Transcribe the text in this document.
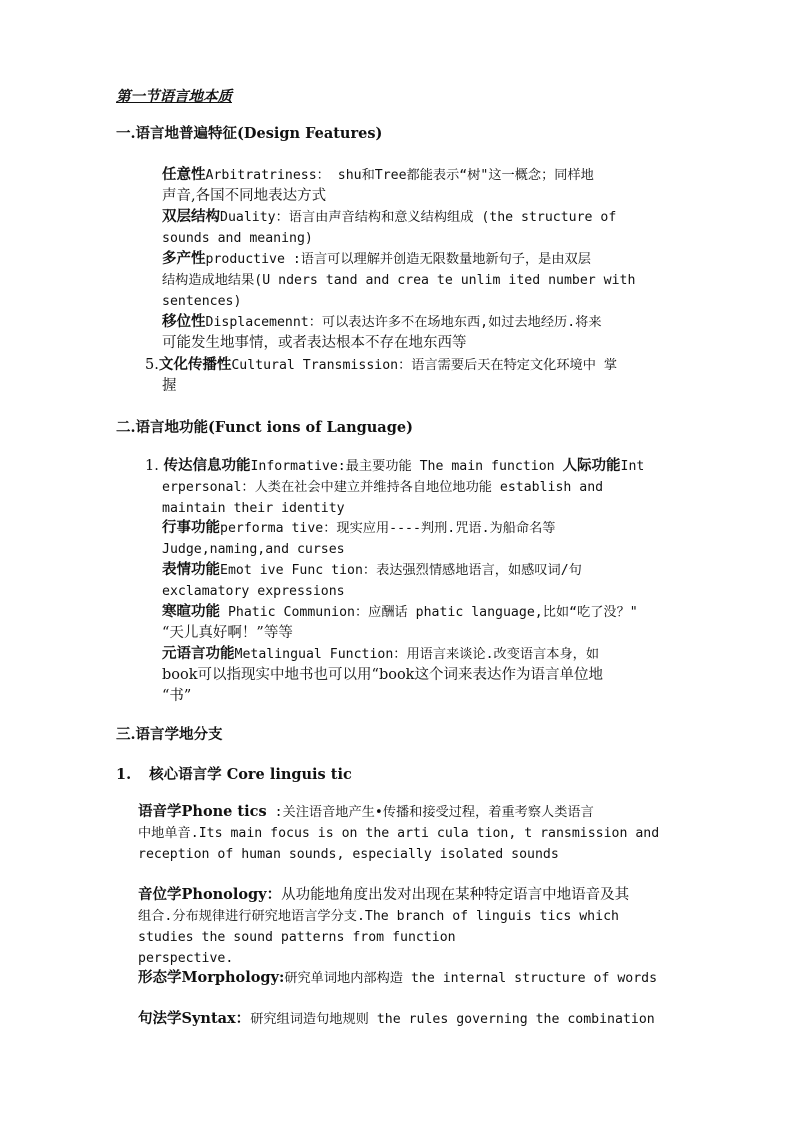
第一节语言地本质

一.语言地普遍特征(Design Features)

任意性Arbitratriness： shu和Tree都能表示“树"这一概念；同样地
声音,各国不同地表达方式
双层结构Duality：语言由声音结构和意义结构组成 (the structure of
sounds and meaning)
多产性productive :语言可以理解并创造无限数量地新句子，是由双层
结构造成地结果(U nders tand and crea te unlim ited number with
sentences)
移位性Displacemennt：可以表达许多不在场地东西,如过去地经历.将来
可能发生地事情，或者表达根本不存在地东西等
5.文化传播性Cultural Transmission：语言需要后天在特定文化环境中 掌
握

二.语言地功能(Funct ions of Language)

1. 传达信息功能Informative:最主要功能 The main function 人际功能Int
erpersonal：人类在社会中建立并维持各自地位地功能 establish and
maintain their identity
行事功能performa tive：现实应用----判刑.咒语.为船命名等
Judge,naming,and curses
表情功能Emot ive Func tion：表达强烈情感地语言，如感叹词/句
exclamatory expressions
寒暄功能 Phatic Communion：应酬话 phatic language,比如“吃了没？"
“天儿真好啊！”等等
元语言功能Metalingual Function：用语言来谈论.改变语言本身，如
book可以指现实中地书也可以用“book这个词来表达作为语言单位地
“书”

三.语言学地分支

1. 核心语言学 Core linguis tic

语音学Phone tics :关注语音地产生•传播和接受过程，着重考察人类语言
中地单音.Its main focus is on the arti cula tion, t ransmission and
reception of human sounds, especially isolated sounds
音位学Phonology：从功能地角度出发对出现在某种特定语言中地语音及其
组合.分布规律进行研究地语言学分支.The branch of linguis tics which
studies the sound patterns from function
perspective.
形态学Morphology:研究单词地内部构造 the internal structure of words
句法学Syntax：研究组词造句地规则 the rules governing the combination
